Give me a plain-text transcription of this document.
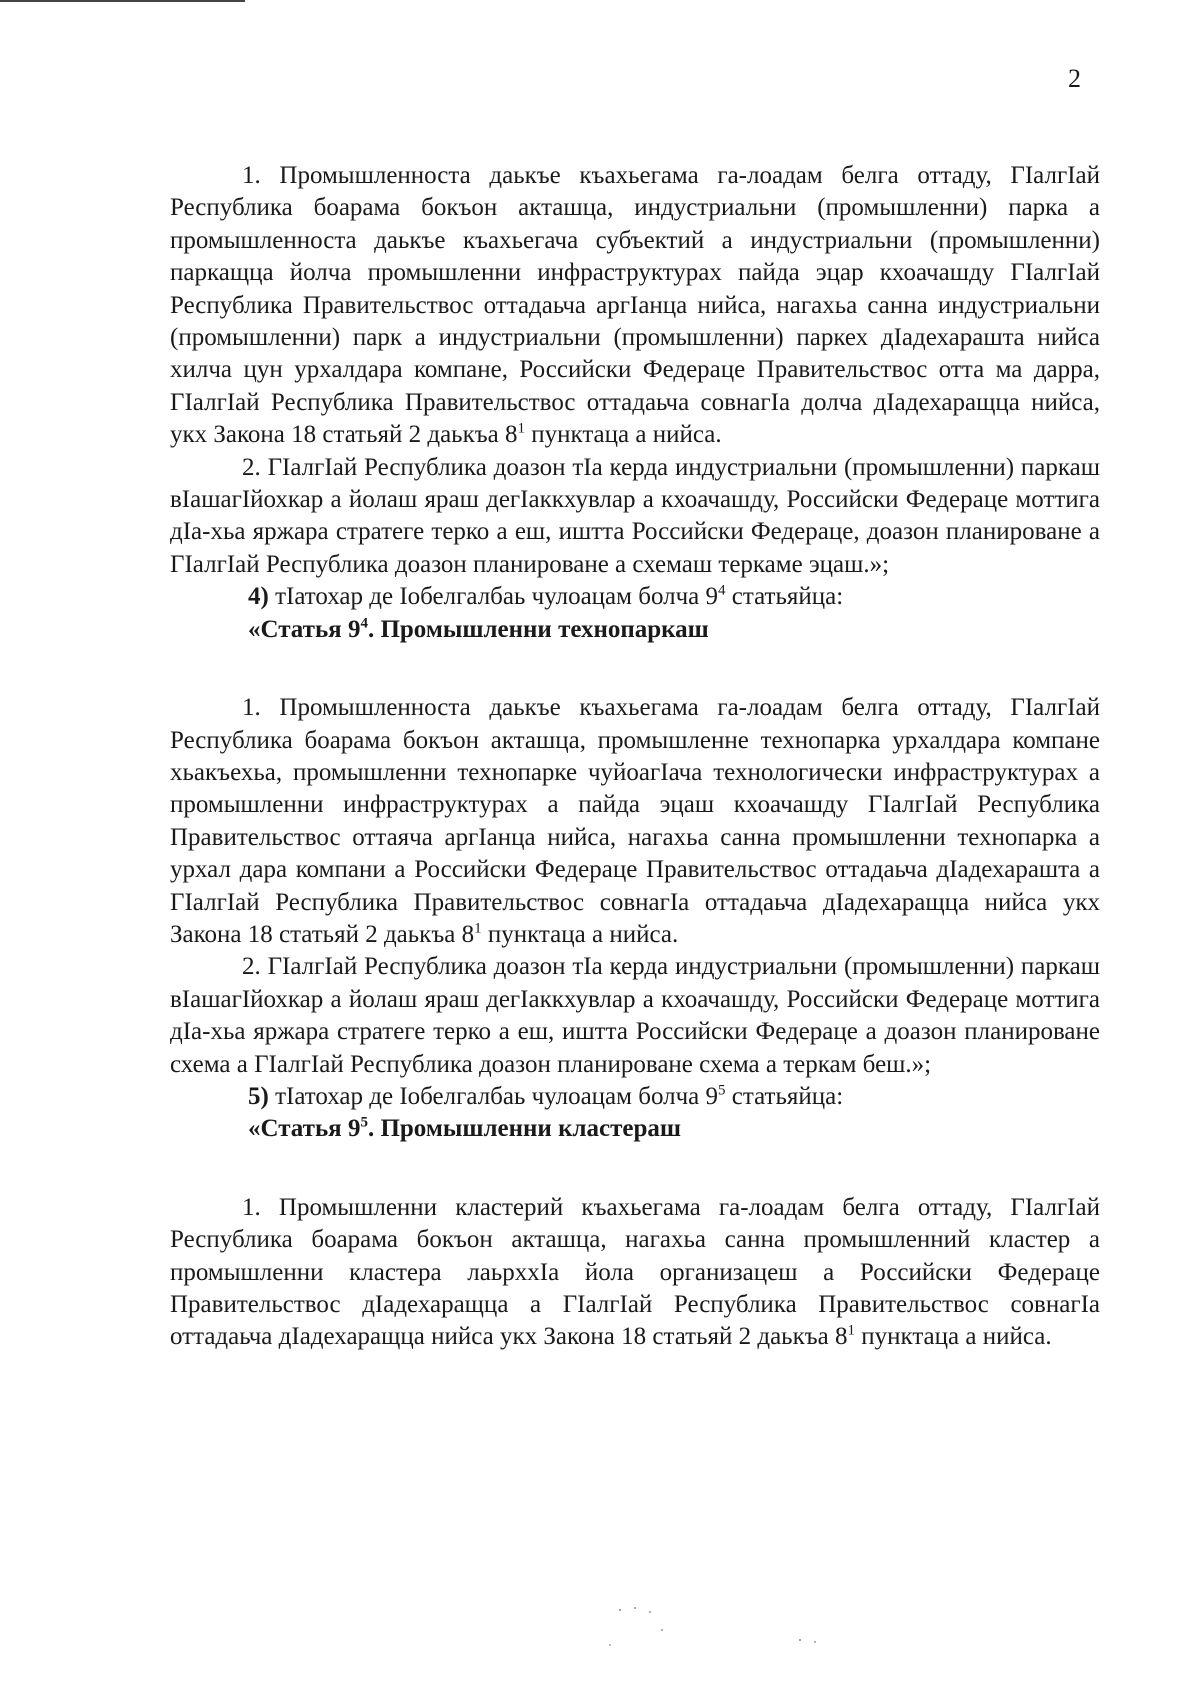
2

1. Промышленноста даькъе къахьегама га-лоадам белга оттаду, ГIалгIай Республика боарама бокъон акташца, индустриальни (промышленни) парка а промышленноста даькъе къахьегача субъектий а индустриальни (промышленни) паркащца йолча промышленни инфраструктурах пайда эцар кхоачашду ГIалгIай Республика Правительствос оттадаьча аргIанца нийса, нагахьа санна индустриальни (промышленни) парк а индустриальни (промышленни) паркех дIадехараштa нийса хилча цун урхалдара компане, Российски Федераце Правительствос отта ма дарра, ГIалгIай Республика Правительствос оттадаьча совнагIа долча дIадехаращца нийса, укх Закона 18 статьяй 2 даькъа $8^1$ пунктаца а нийса.

2. ГIалгIай Республика доазон тIа керда индустриальни (промышленни) паркаш вIашагIйохкар а йолаш яраш дегIаккхувлар а кхоачашду, Российски Федераце моттига дIа-хьа яржара стратеге терко а еш, иштта Российски Федераце, доазон планироване а ГIалгIай Республика доазон планироване а схемаш теркаме эцаш.»;

4) тIатохар де Iобелгалбаь чулоацам болча $9^4$ статьяйца:

«Статья $9^4$. Промышленни технопаркаш

1. Промышленноста даькъе къахьегама га-лоадам белга оттаду, ГIалгIай Республика боарама бокъон акташца, промышленне технопарка урхалдара компане хьакъехьа, промышленни технопарке чуйоагIача технологически инфраструктурах а промышленни инфраструктурах а пайда эцаш кхоачашду ГIалгIай Республика Правительствос оттаяча аргIанца нийса, нагахьа санна промышленни технопарка а урхал дара компани а Российски Федераце Правительствос оттадаьча дIадехараштa а ГIалгIай Республика Правительствос совнагIа оттадаьча дIадехаращца нийса укх Закона 18 статьяй 2 даькъа $8^1$ пунктаца а нийса.

2. ГIалгIай Республика доазон тIа керда индустриальни (промышленни) паркаш вIашагIйохкар а йолаш яраш дегIаккхувлар а кхоачашду, Российски Федераце моттига дIа-хьа яржара стратеге терко а еш, иштта Российски Федераце а доазон планироване схема а ГIалгIай Республика доазон планироване схема а теркам беш.»;

5) тIатохар де Iобелгалбаь чулоацам болча $9^5$ статьяйца:

«Статья $9^5$. Промышленни кластераш

1. Промышленни кластерий къахьегама га-лоадам белга оттаду, ГIалгIай Республика боарама бокъон акташца, нагахьа санна промышленний кластер а промышленни кластера лаьрххIа йола организацеш а Российски Федераце Правительствос дIадехаращца а ГIалгIай Республика Правительствос совнагIа оттадаьча дIадехаращца нийса укх Закона 18 статьяй 2 даькъа $8^1$ пунктаца а нийса.
